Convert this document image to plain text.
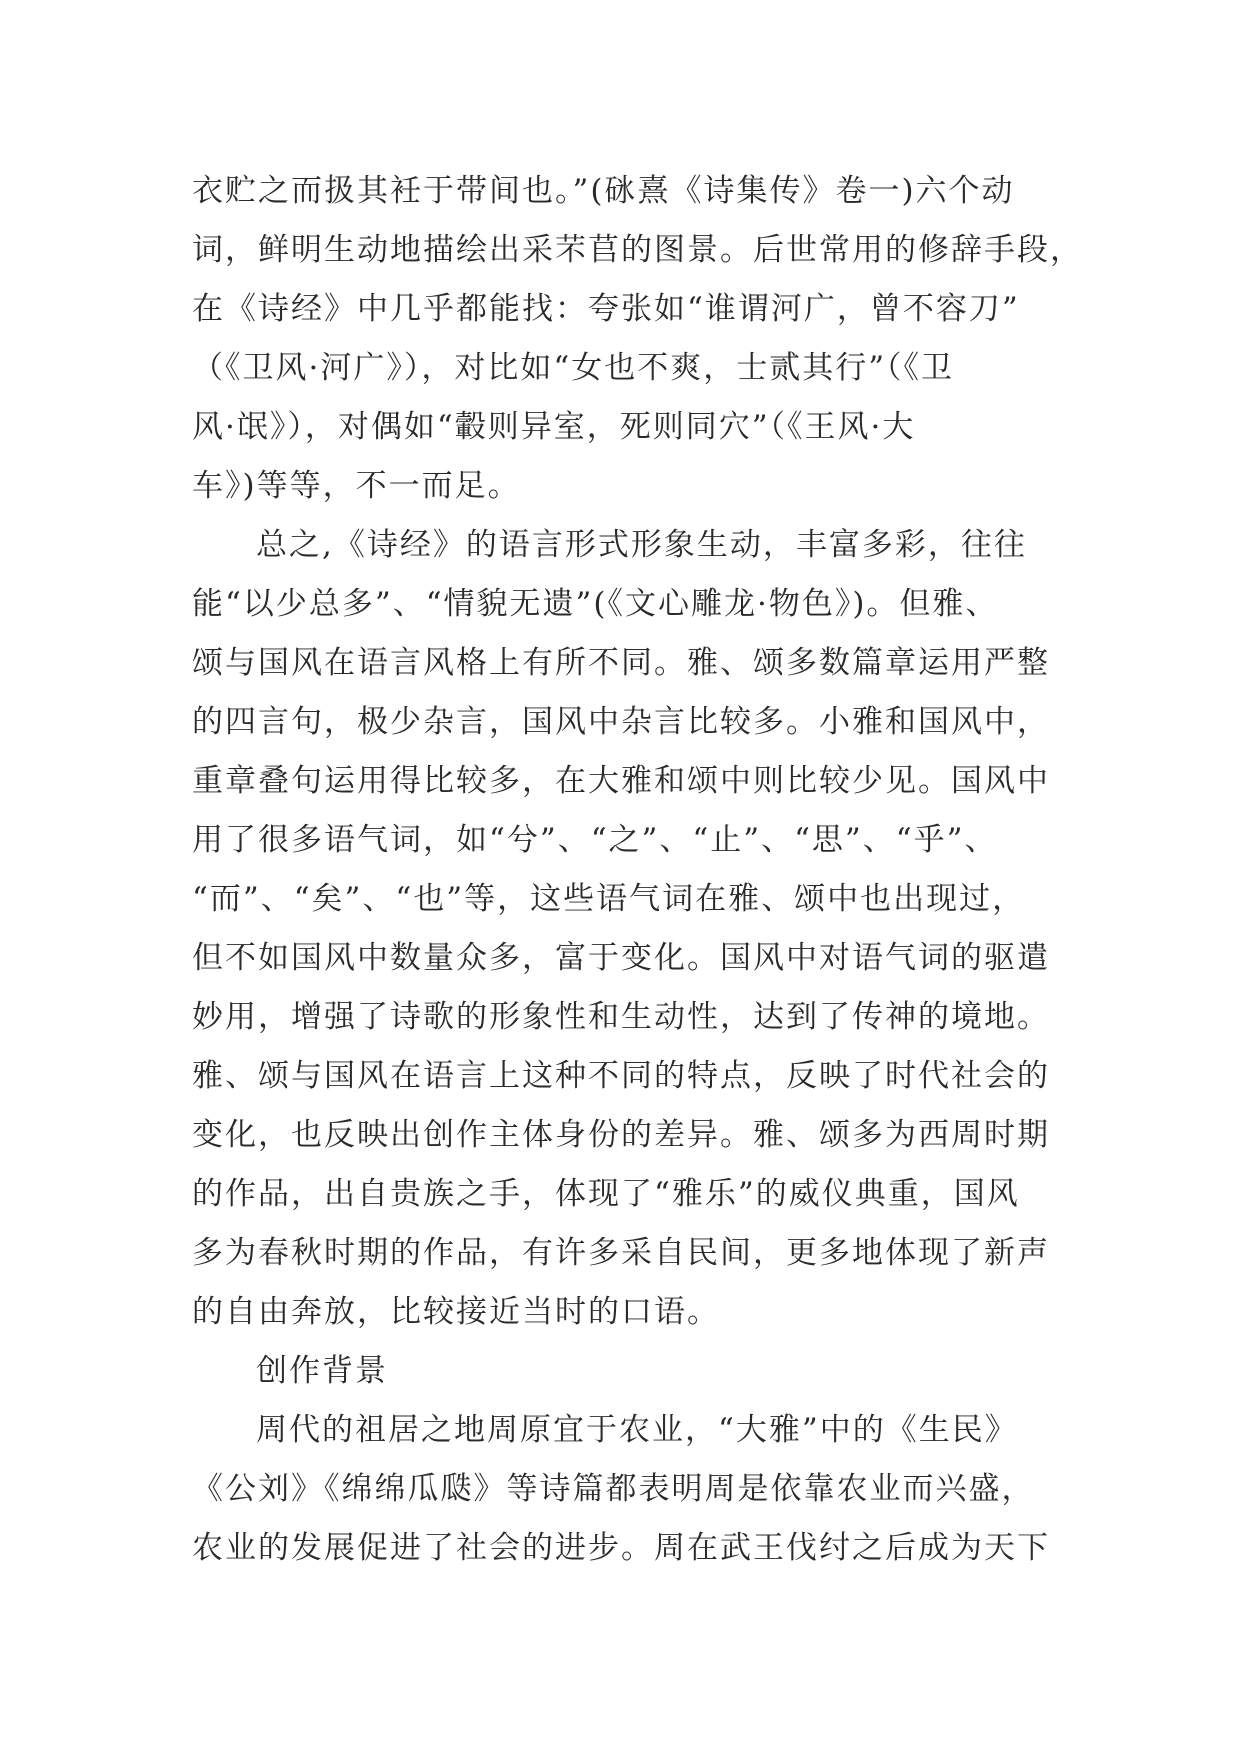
衣贮之而扱其衽于带间也。”(砯熹《诗集传》卷一)六个动
词，鲜明生动地描绘出采芣苢的图景。后世常用的修辞手段，
在《诗经》中几乎都能找：夸张如“谁谓河广，曾不容刀”
（《卫风·河广》），对比如“女也不爽，士贰其行”（《卫
风·氓》），对偶如“轂则异室，死则同穴”（《王风·大
车》)等等，不一而足。
总之,《诗经》的语言形式形象生动，丰富多彩，往往
能“以少总多”、“情貌无遗”(《文心雕龙·物色》)。但雅、
颂与国风在语言风格上有所不同。雅、颂多数篇章运用严整
的四言句，极少杂言，国风中杂言比较多。小雅和国风中，
重章叠句运用得比较多，在大雅和颂中则比较少见。国风中
用了很多语气词，如“兮”、“之”、“止”、“思”、“乎”、
“而”、“矣”、“也”等，这些语气词在雅、颂中也出现过，
但不如国风中数量众多，富于变化。国风中对语气词的驱遣
妙用，增强了诗歌的形象性和生动性，达到了传神的境地。
雅、颂与国风在语言上这种不同的特点，反映了时代社会的
变化，也反映出创作主体身份的差异。雅、颂多为西周时期
的作品，出自贵族之手，体现了“雅乐”的威仪典重，国风
多为春秋时期的作品，有许多采自民间，更多地体现了新声
的自由奔放，比较接近当时的口语。
创作背景
周代的祖居之地周原宜于农业，“大雅”中的《生民》
《公刘》《绵绵瓜瓞》等诗篇都表明周是依靠农业而兴盛，
农业的发展促进了社会的进步。周在武王伐纣之后成为天下
